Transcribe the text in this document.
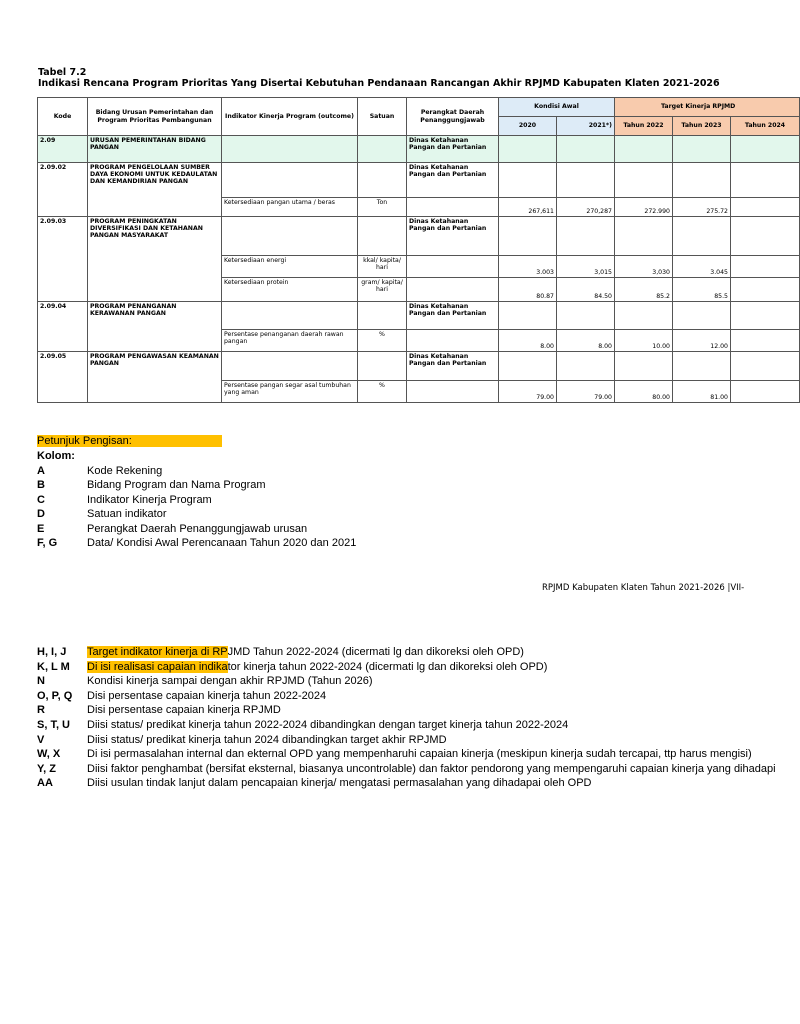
Tabel 7.2
Indikasi Rencana Program Prioritas Yang Disertai Kebutuhan Pendanaan Rancangan Akhir RPJMD Kabupaten Klaten 2021-2026
Kode	Bidang Urusan Pemerintahan dan Program Prioritas Pembangunan	Indikator Kinerja Program (outcome)	Satuan	Perangkat Daerah Penanggungjawab	Kondisi Awal		Target Kinerja RPJMD		
					2020	2021*)	Tahun 2022	Tahun 2023	Tahun 2024
2.09	URUSAN PEMERINTAHAN BIDANG PANGAN			Dinas Ketahanan Pangan dan Pertanian					
2.09.02	PROGRAM PENGELOLAAN SUMBER DAYA EKONOMI UNTUK KEDAULATAN DAN KEMANDIRIAN PANGAN			Dinas Ketahanan Pangan dan Pertanian					
		Ketersediaan pangan utama / beras	Ton		267,611	270,287	272.990	275.72	
2.09.03	PROGRAM PENINGKATAN DIVERSIFIKASI DAN KETAHANAN PANGAN MASYARAKAT			Dinas Ketahanan Pangan dan Pertanian					
		Ketersediaan energi	kkal/ kapita/ hari		3.003	3,015	3,030	3.045	
		Ketersediaan protein	gram/ kapita/ hari		80.87	84.50	85.2	85.5	
2.09.04	PROGRAM PENANGANAN KERAWANAN PANGAN			Dinas Ketahanan Pangan dan Pertanian					
		Persentase penanganan daerah rawan pangan	%		8.00	8.00	10.00	12.00	
2.09.05	PROGRAM PENGAWASAN KEAMANAN PANGAN			Dinas Ketahanan Pangan dan Pertanian					
		Persentase pangan segar asal tumbuhan yang aman	%		79.00	79.00	80.00	81.00	
Petunjuk Pengisan:
Kolom:
A	Kode Rekening
B	Bidang Program dan Nama Program
C	Indikator Kinerja Program
D	Satuan indikator
E	Perangkat Daerah Penanggungjawab urusan
F, G	Data/ Kondisi Awal Perencanaan Tahun 2020 dan 2021
RPJMD Kabupaten Klaten Tahun 2021-2026 |VII-
H, I, J Target indikator kinerja di RPJMD Tahun 2022-2024 (dicermati lg dan dikoreksi oleh OPD)
K, L M Di isi realisasi capaian indikator kinerja tahun 2022-2024 (dicermati lg dan dikoreksi oleh OPD)
N	Kondisi kinerja sampai dengan akhir RPJMD (Tahun 2026)
O, P, Q Disi persentase capaian kinerja tahun 2022-2024
R	Disi persentase capaian kinerja RPJMD
S, T, U Diisi status/ predikat kinerja tahun 2022-2024 dibandingkan dengan target kinerja tahun 2022-2024
V	Diisi status/ predikat kinerja tahun 2024 dibandingkan target akhir RPJMD
W, X Di isi permasalahan internal dan ekternal OPD yang mempenharuhi capaian kinerja (meskipun kinerja sudah tercapai, ttp harus mengisi)
Y, Z	Diisi faktor penghambat (bersifat eksternal, biasanya uncontrolable) dan faktor pendorong yang mempengaruhi capaian kinerja yang dihadapi
AA	Diisi usulan tindak lanjut dalam pencapaian kinerja/ mengatasi permasalahan yang dihadapai oleh OPD
